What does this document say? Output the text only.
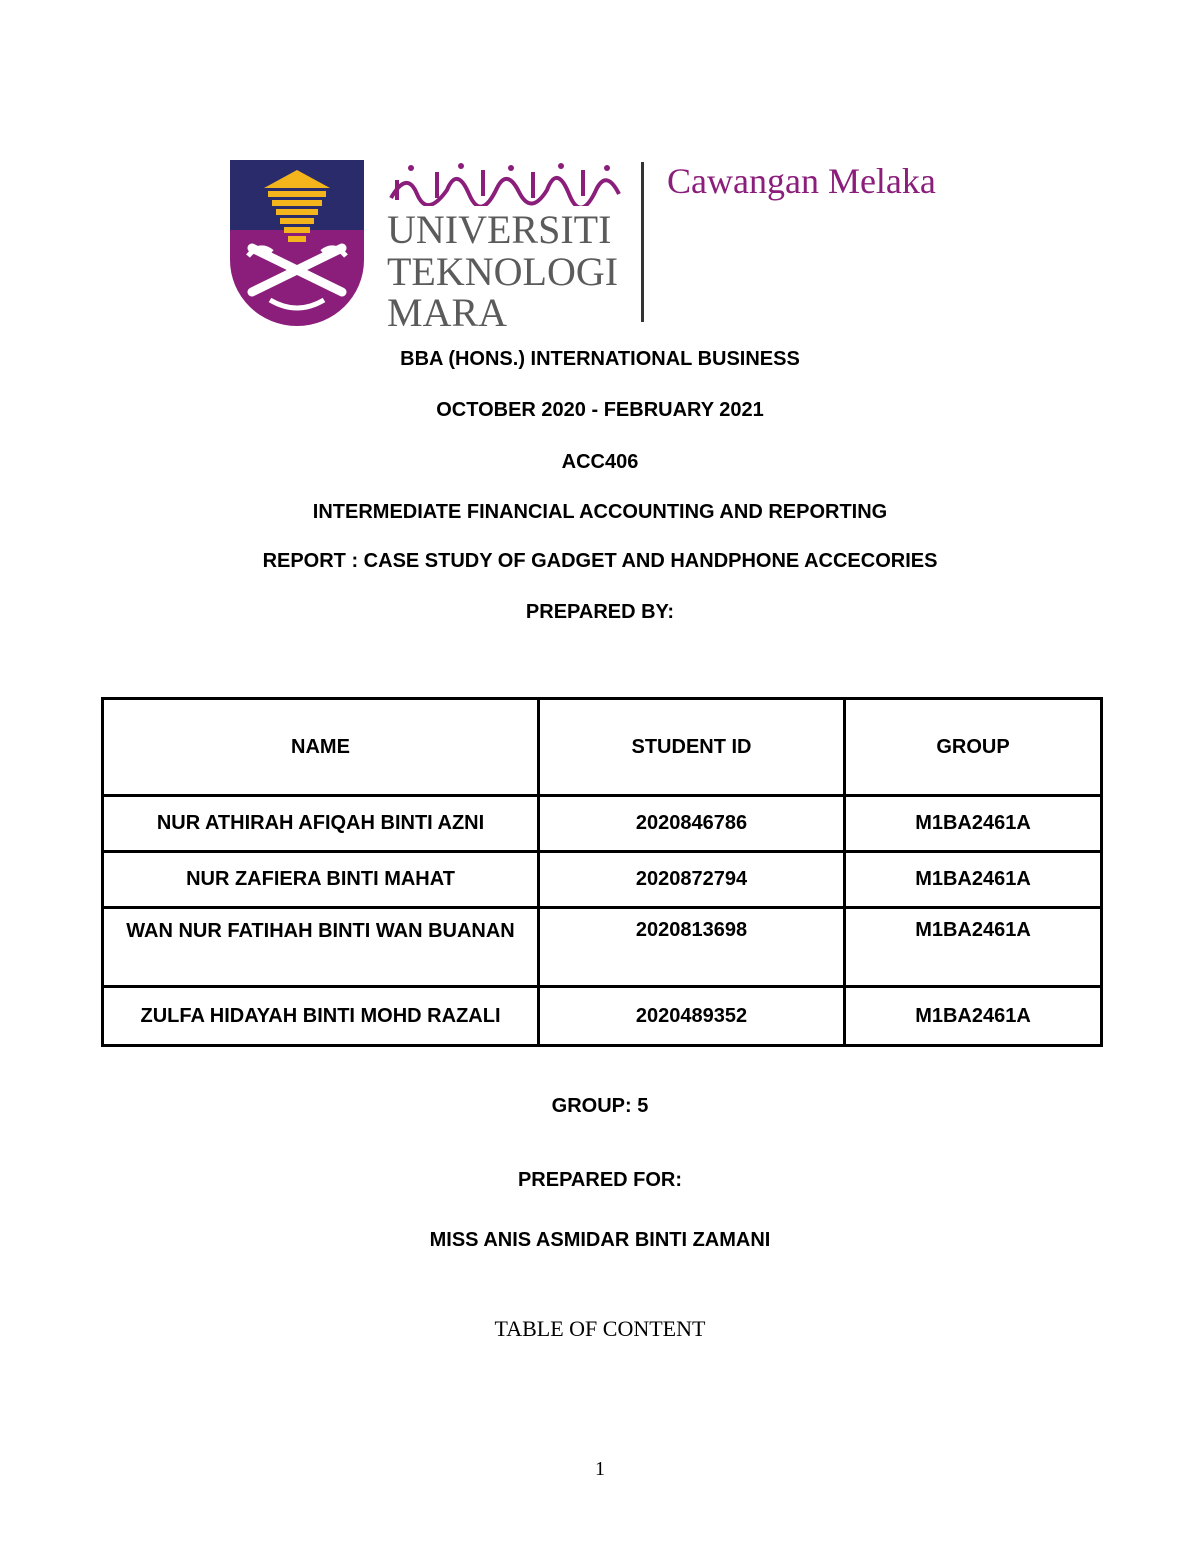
UNIVERSITI
TEKNOLOGI
MARA
Cawangan Melaka
BBA (HONS.) INTERNATIONAL BUSINESS
OCTOBER 2020 - FEBRUARY 2021
ACC406
INTERMEDIATE FINANCIAL ACCOUNTING AND REPORTING
REPORT : CASE STUDY OF GADGET AND HANDPHONE ACCECORIES
PREPARED BY:
NAME	STUDENT ID	GROUP
NUR ATHIRAH AFIQAH BINTI AZNI	2020846786	M1BA2461A
NUR ZAFIERA BINTI MAHAT	2020872794	M1BA2461A
WAN NUR FATIHAH BINTI WAN BUANAN	2020813698	M1BA2461A
ZULFA HIDAYAH BINTI MOHD RAZALI	2020489352	M1BA2461A
GROUP: 5
PREPARED FOR:
MISS ANIS ASMIDAR BINTI ZAMANI
TABLE OF CONTENT
1
